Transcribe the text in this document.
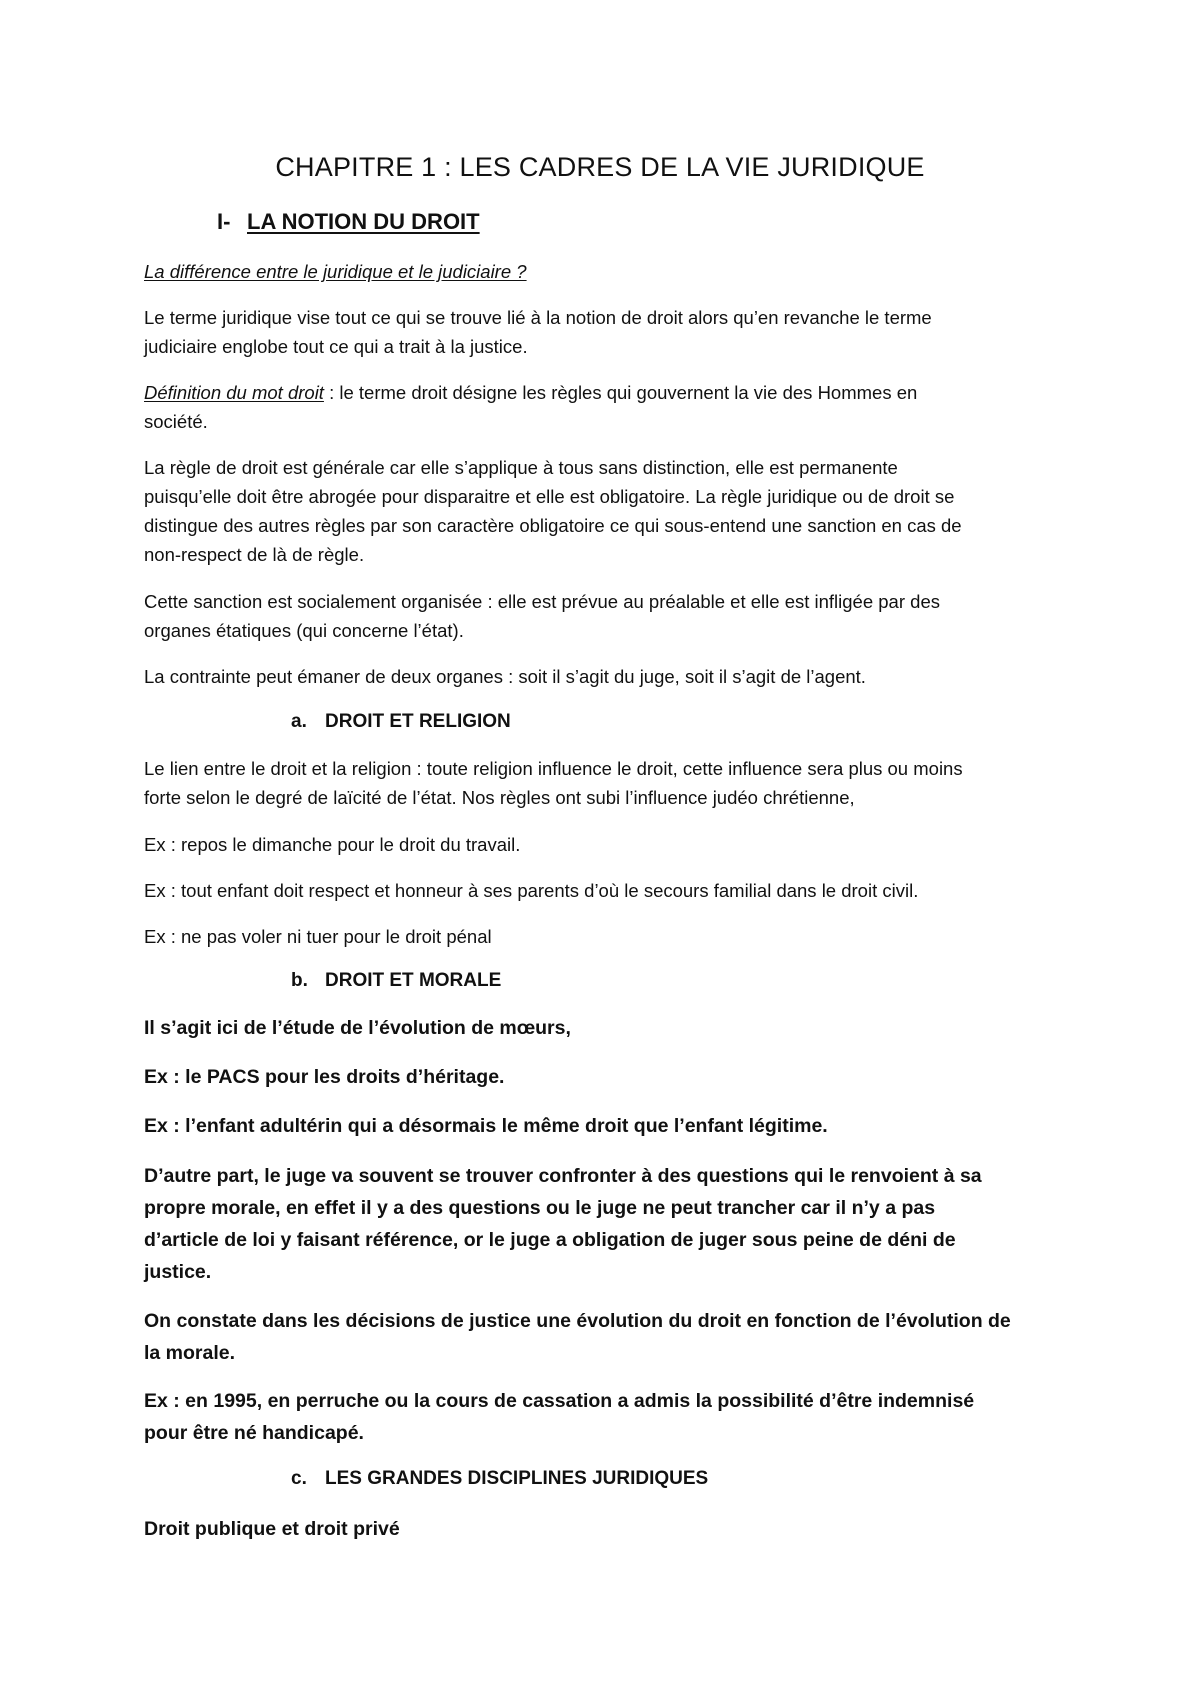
CHAPITRE 1 : LES CADRES DE LA VIE JURIDIQUE
I- LA NOTION DU DROIT

La différence entre le juridique et le judiciaire ?

Le terme juridique vise tout ce qui se trouve lié à la notion de droit alors qu’en revanche le terme
judiciaire englobe tout ce qui a trait à la justice.

Définition du mot droit : le terme droit désigne les règles qui gouvernent la vie des Hommes en
société.

La règle de droit est générale car elle s’applique à tous sans distinction, elle est permanente
puisqu’elle doit être abrogée pour disparaitre et elle est obligatoire. La règle juridique ou de droit se
distingue des autres règles par son caractère obligatoire ce qui sous-entend une sanction en cas de
non-respect de là de règle.

Cette sanction est socialement organisée : elle est prévue au préalable et elle est infligée par des
organes étatiques (qui concerne l’état).

La contrainte peut émaner de deux organes : soit il s’agit du juge, soit il s’agit de l’agent.

a. DROIT ET RELIGION

Le lien entre le droit et la religion : toute religion influence le droit, cette influence sera plus ou moins
forte selon le degré de laïcité de l’état. Nos règles ont subi l’influence judéo chrétienne,

Ex : repos le dimanche pour le droit du travail.

Ex : tout enfant doit respect et honneur à ses parents d’où le secours familial dans le droit civil.

Ex : ne pas voler ni tuer pour le droit pénal

b. DROIT ET MORALE

Il s’agit ici de l’étude de l’évolution de mœurs,

Ex : le PACS pour les droits d’héritage.

Ex : l’enfant adultérin qui a désormais le même droit que l’enfant légitime.

D’autre part, le juge va souvent se trouver confronter à des questions qui le renvoient à sa
propre morale, en effet il y a des questions ou le juge ne peut trancher car il n’y a pas
d’article de loi y faisant référence, or le juge a obligation de juger sous peine de déni de
justice.

On constate dans les décisions de justice une évolution du droit en fonction de l’évolution de
la morale.

Ex : en 1995, en perruche ou la cours de cassation a admis la possibilité d’être indemnisé
pour être né handicapé.

c. LES GRANDES DISCIPLINES JURIDIQUES

Droit publique et droit privé
